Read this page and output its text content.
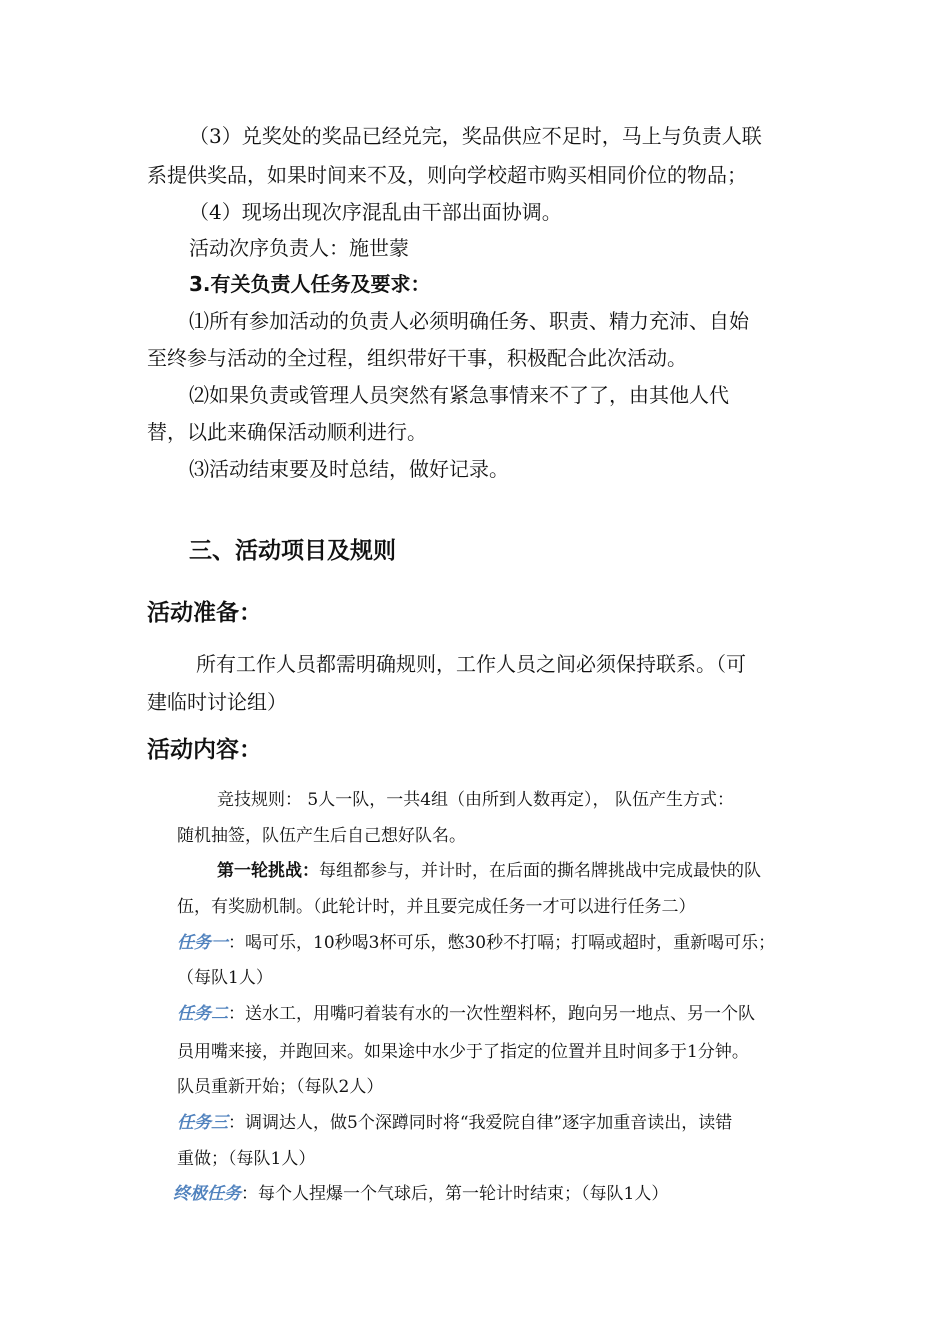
（3）兑奖处的奖品已经兑完，奖品供应不足时，马上与负责人联
系提供奖品，如果时间来不及，则向学校超市购买相同价位的物品；
（4）现场出现次序混乱由干部出面协调。
活动次序负责人：施世蒙
3.有关负责人任务及要求：
⑴所有参加活动的负责人必须明确任务、职责、精力充沛、自始
至终参与活动的全过程，组织带好干事，积极配合此次活动。
⑵如果负责或管理人员突然有紧急事情来不了了，由其他人代
替，以此来确保活动顺利进行。
⑶活动结束要及时总结，做好记录。
三、活动项目及规则
活动准备：
所有工作人员都需明确规则，工作人员之间必须保持联系。（可
建临时讨论组）
活动内容：
竞技规则： 5人一队，一共4组（由所到人数再定）， 队伍产生方式：
随机抽签，队伍产生后自己想好队名。
第一轮挑战：每组都参与，并计时，在后面的撕名牌挑战中完成最快的队
伍，有奖励机制。（此轮计时，并且要完成任务一才可以进行任务二）
任务一：喝可乐，10秒喝3杯可乐，憋30秒不打嗝；打嗝或超时，重新喝可乐；
（每队1人）
任务二：送水工，用嘴叼着装有水的一次性塑料杯，跑向另一地点、另一个队
员用嘴来接，并跑回来。如果途中水少于了指定的位置并且时间多于1分钟。
队员重新开始；（每队2人）
任务三：调调达人，做5个深蹲同时将“我爱院自律”逐字加重音读出，读错
重做；（每队1人）
终极任务：每个人捏爆一个气球后，第一轮计时结束；（每队1人）
